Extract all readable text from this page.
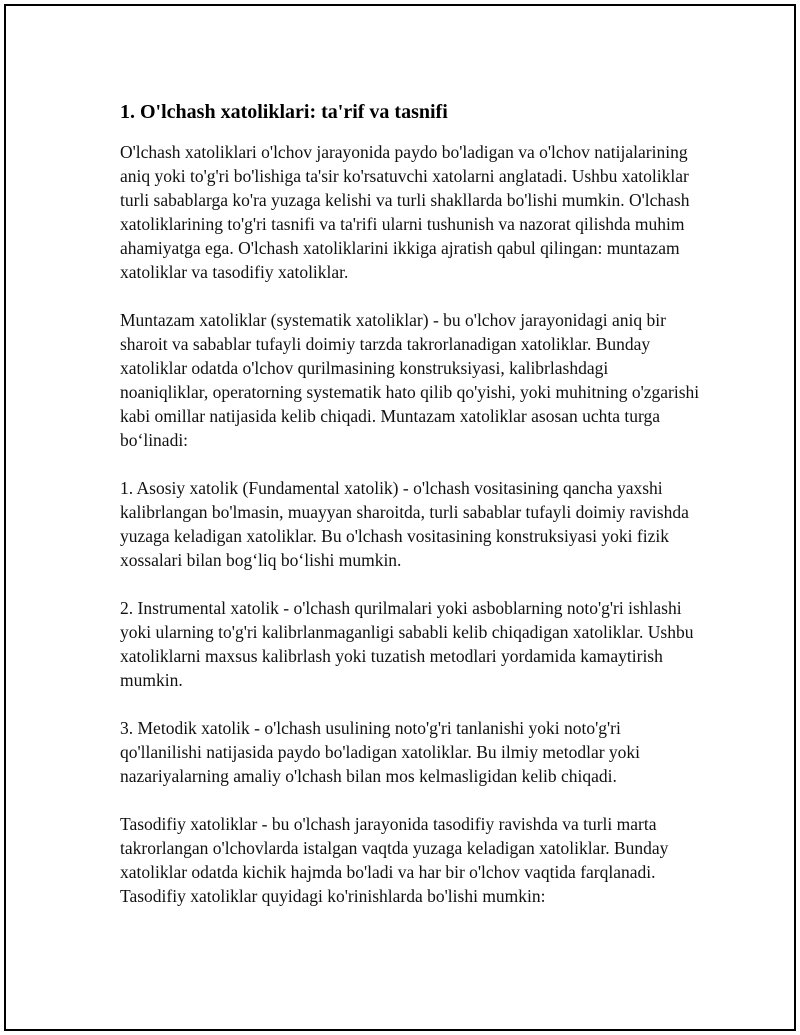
1. O'lchash xatoliklari: ta'rif va tasnifi

O'lchash xatoliklari o'lchov jarayonida paydo bo'ladigan va o'lchov natijalarining aniq yoki to'g'ri bo'lishiga ta'sir ko'rsatuvchi xatolarni anglatadi. Ushbu xatoliklar turli sabablarga ko'ra yuzaga kelishi va turli shakllarda bo'lishi mumkin. O'lchash xatoliklarining to'g'ri tasnifi va ta'rifi ularni tushunish va nazorat qilishda muhim ahamiyatga ega. O'lchash xatoliklarini ikkiga ajratish qabul qilingan: muntazam xatoliklar va tasodifiy xatoliklar.

Muntazam xatoliklar (systematik xatoliklar) - bu o'lchov jarayonidagi aniq bir sharoit va sabablar tufayli doimiy tarzda takrorlanadigan xatoliklar. Bunday xatoliklar odatda o'lchov qurilmasining konstruksiyasi, kalibrlashdagi noaniqliklar, operatorning systematik hato qilib qo'yishi, yoki muhitning o'zgarishi kabi omillar natijasida kelib chiqadi. Muntazam xatoliklar asosan uchta turga bo‘linadi:

1. Asosiy xatolik (Fundamental xatolik) - o'lchash vositasining qancha yaxshi kalibrlangan bo'lmasin, muayyan sharoitda, turli sabablar tufayli doimiy ravishda yuzaga keladigan xatoliklar. Bu o'lchash vositasining konstruksiyasi yoki fizik xossalari bilan bog‘liq bo‘lishi mumkin.

2. Instrumental xatolik - o'lchash qurilmalari yoki asboblarning noto'g'ri ishlashi yoki ularning to'g'ri kalibrlanmaganligi sababli kelib chiqadigan xatoliklar. Ushbu xatoliklarni maxsus kalibrlash yoki tuzatish metodlari yordamida kamaytirish mumkin.

3. Metodik xatolik - o'lchash usulining noto'g'ri tanlanishi yoki noto'g'ri qo'llanilishi natijasida paydo bo'ladigan xatoliklar. Bu ilmiy metodlar yoki nazariyalarning amaliy o'lchash bilan mos kelmasligidan kelib chiqadi.

Tasodifiy xatoliklar - bu o'lchash jarayonida tasodifiy ravishda va turli marta takrorlangan o'lchovlarda istalgan vaqtda yuzaga keladigan xatoliklar. Bunday xatoliklar odatda kichik hajmda bo'ladi va har bir o'lchov vaqtida farqlanadi. Tasodifiy xatoliklar quyidagi ko'rinishlarda bo'lishi mumkin:
